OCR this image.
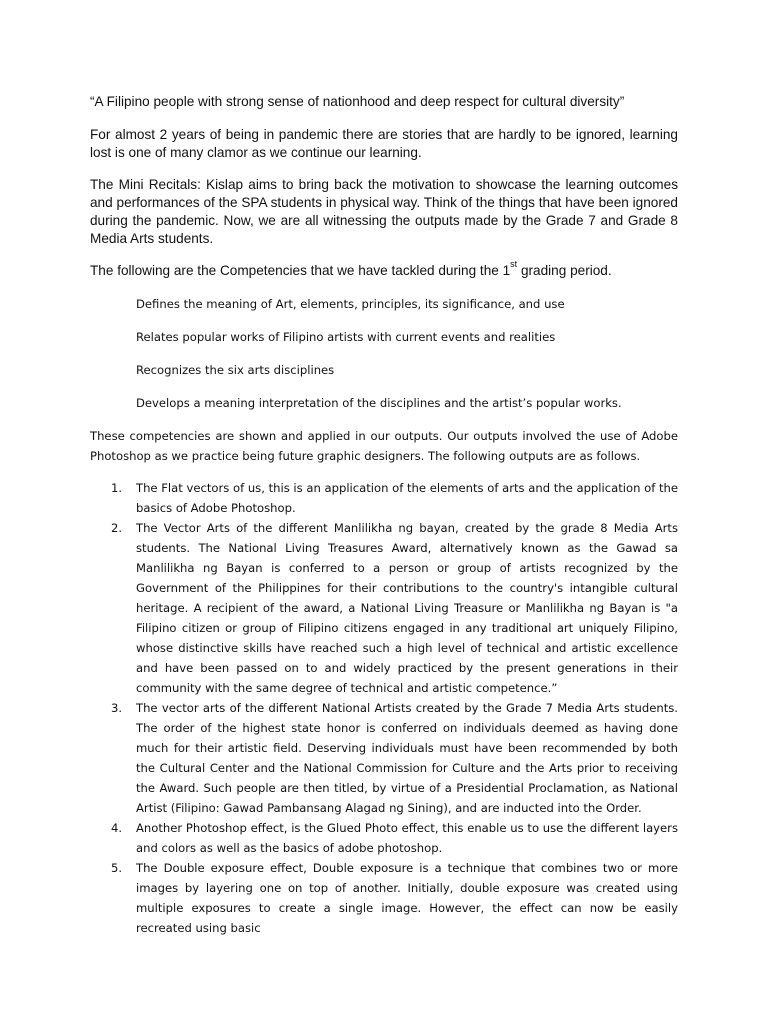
“A Filipino people with strong sense of nationhood and deep respect for cultural diversity”

For almost 2 years of being in pandemic there are stories that are hardly to be ignored, learning lost is one of many clamor as we continue our learning.

The Mini Recitals: Kislap aims to bring back the motivation to showcase the learning outcomes and performances of the SPA students in physical way. Think of the things that have been ignored during the pandemic. Now, we are all witnessing the outputs made by the Grade 7 and Grade 8 Media Arts students.

The following are the Competencies that we have tackled during the 1st grading period.

Defines the meaning of Art, elements, principles, its significance, and use

Relates popular works of Filipino artists with current events and realities

Recognizes the six arts disciplines

Develops a meaning interpretation of the disciplines and the artist’s popular works.

These competencies are shown and applied in our outputs. Our outputs involved the use of Adobe Photoshop as we practice being future graphic designers. The following outputs are as follows.

1. The Flat vectors of us, this is an application of the elements of arts and the application of the basics of Adobe Photoshop.
2. The Vector Arts of the different Manlilikha ng bayan, created by the grade 8 Media Arts students. The National Living Treasures Award, alternatively known as the Gawad sa Manlilikha ng Bayan is conferred to a person or group of artists recognized by the Government of the Philippines for their contributions to the country's intangible cultural heritage. A recipient of the award, a National Living Treasure or Manlilikha ng Bayan is "a Filipino citizen or group of Filipino citizens engaged in any traditional art uniquely Filipino, whose distinctive skills have reached such a high level of technical and artistic excellence and have been passed on to and widely practiced by the present generations in their community with the same degree of technical and artistic competence.”
3. The vector arts of the different National Artists created by the Grade 7 Media Arts students. The order of the highest state honor is conferred on individuals deemed as having done much for their artistic field. Deserving individuals must have been recommended by both the Cultural Center and the National Commission for Culture and the Arts prior to receiving the Award. Such people are then titled, by virtue of a Presidential Proclamation, as National Artist (Filipino: Gawad Pambansang Alagad ng Sining), and are inducted into the Order.
4. Another Photoshop effect, is the Glued Photo effect, this enable us to use the different layers and colors as well as the basics of adobe photoshop.
5. The Double exposure effect, Double exposure is a technique that combines two or more images by layering one on top of another. Initially, double exposure was created using multiple exposures to create a single image. However, the effect can now be easily recreated using basic
